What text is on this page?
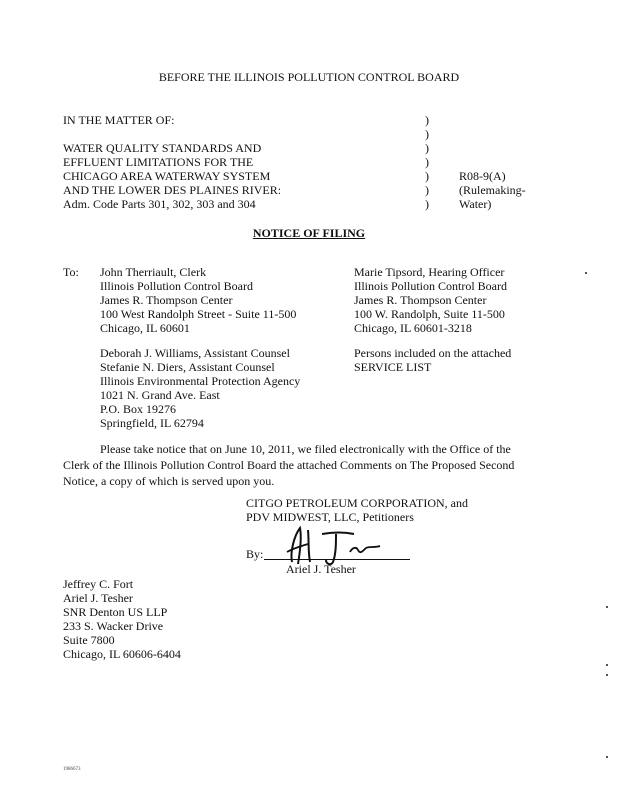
BEFORE THE ILLINOIS POLLUTION CONTROL BOARD
IN THE MATTER OF:
WATER QUALITY STANDARDS AND
EFFLUENT LIMITATIONS FOR THE
CHICAGO AREA WATERWAY SYSTEM
AND THE LOWER DES PLAINES RIVER:
Adm. Code Parts 301, 302, 303 and 304
)
)
)
)
)
)
)
R08-9(A)
(Rulemaking-
Water)
NOTICE OF FILING
To: John Therriault, Clerk
Illinois Pollution Control Board
James R. Thompson Center
100 West Randolph Street - Suite 11-500
Chicago, IL 60601
Marie Tipsord, Hearing Officer
Illinois Pollution Control Board
James R. Thompson Center
100 W. Randolph, Suite 11-500
Chicago, IL 60601-3218
Deborah J. Williams, Assistant Counsel
Stefanie N. Diers, Assistant Counsel
Illinois Environmental Protection Agency
1021 N. Grand Ave. East
P.O. Box 19276
Springfield, IL 62794
Persons included on the attached
SERVICE LIST
Please take notice that on June 10, 2011, we filed electronically with the Office of the
Clerk of the Illinois Pollution Control Board the attached Comments on The Proposed Second
Notice, a copy of which is served upon you.
CITGO PETROLEUM CORPORATION, and
PDV MIDWEST, LLC, Petitioners
By:
Ariel J. Tesher
Jeffrey C. Fort
Ariel J. Tesher
SNR Denton US LLP
233 S. Wacker Drive
Suite 7800
Chicago, IL 60606-6404
1986673
